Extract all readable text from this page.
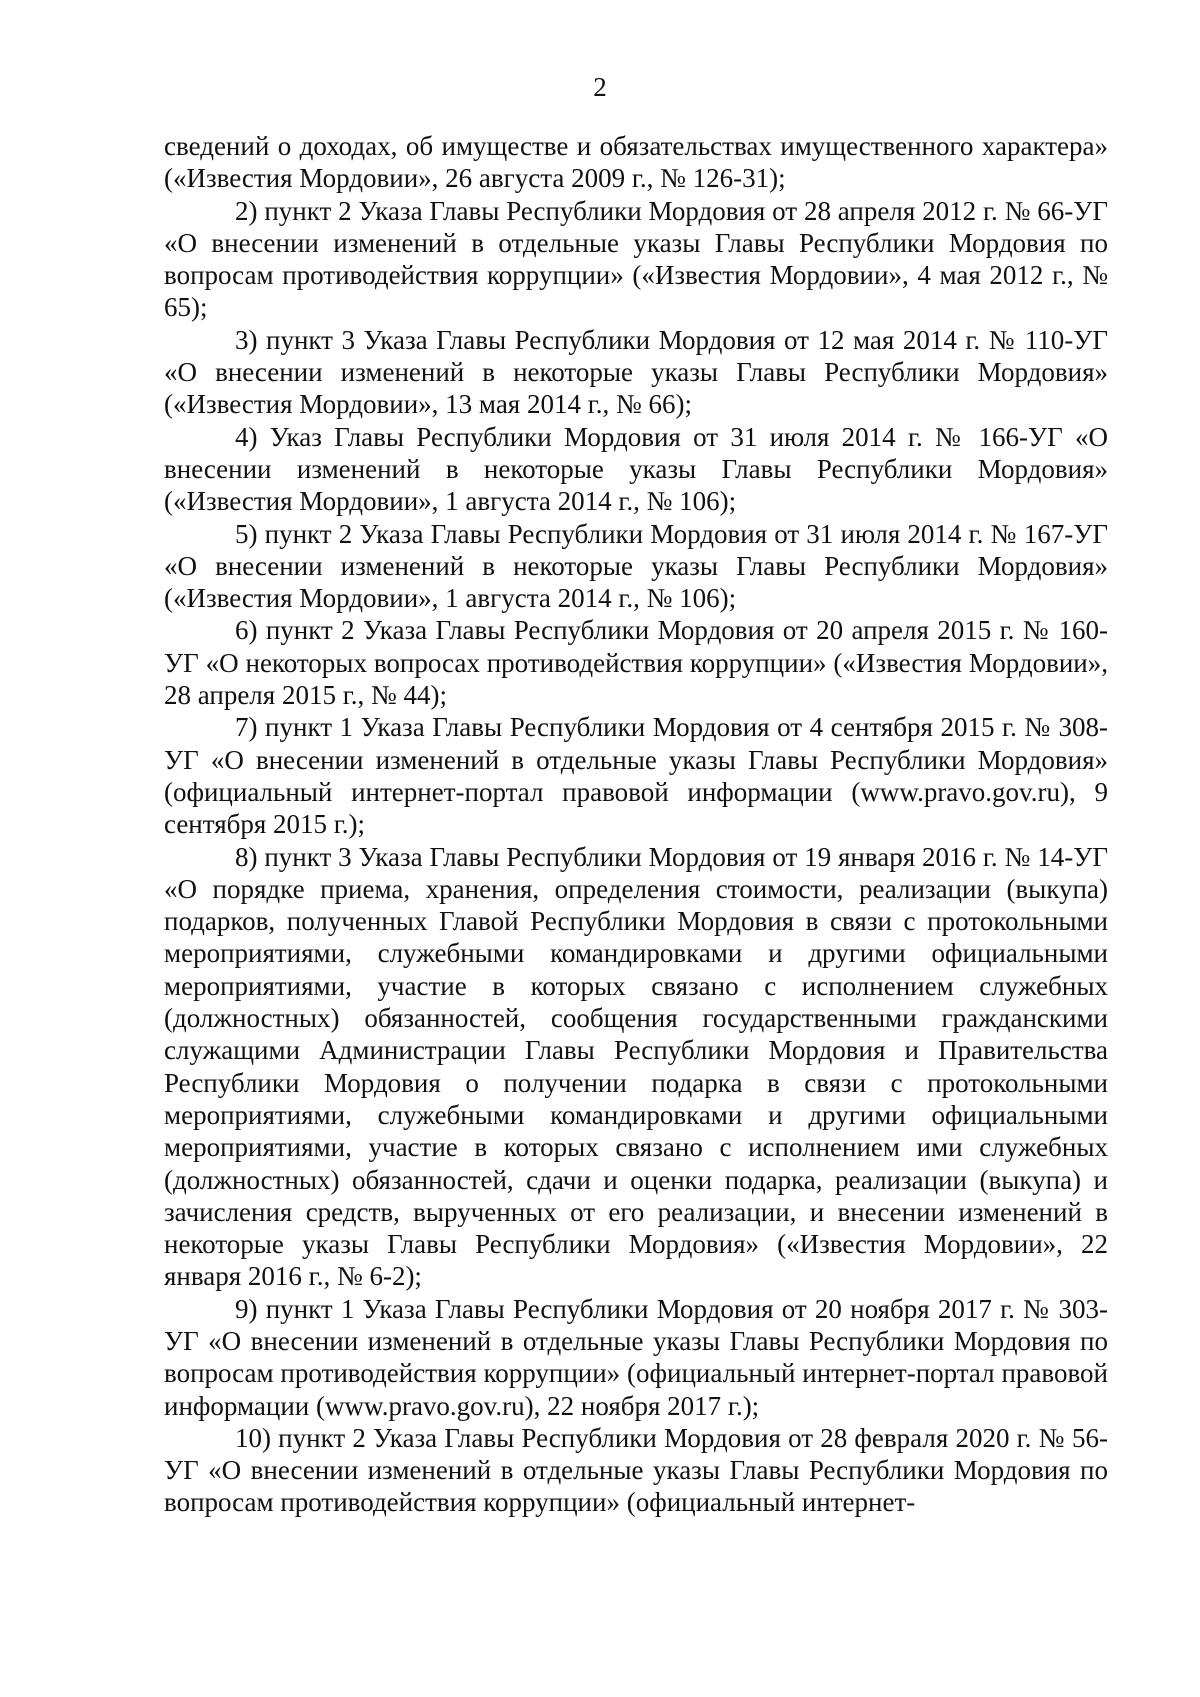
2

сведений о доходах, об имуществе и обязательствах имущественного характера» («Известия Мордовии», 26 августа 2009 г., № 126-31);

2) пункт 2 Указа Главы Республики Мордовия от 28 апреля 2012 г. № 66-УГ «О внесении изменений в отдельные указы Главы Республики Мордовия по вопросам противодействия коррупции» («Известия Мордовии», 4 мая 2012 г., № 65);

3) пункт 3 Указа Главы Республики Мордовия от 12 мая 2014 г. № 110-УГ «О внесении изменений в некоторые указы Главы Республики Мордовия» («Известия Мордовии», 13 мая 2014 г., № 66);

4) Указ Главы Республики Мордовия от 31 июля 2014 г. № 166-УГ «О внесении изменений в некоторые указы Главы Республики Мордовия» («Известия Мордовии», 1 августа 2014 г., № 106);

5) пункт 2 Указа Главы Республики Мордовия от 31 июля 2014 г. № 167-УГ «О внесении изменений в некоторые указы Главы Республики Мордовия» («Известия Мордовии», 1 августа 2014 г., № 106);

6) пункт 2 Указа Главы Республики Мордовия от 20 апреля 2015 г. № 160-УГ «О некоторых вопросах противодействия коррупции» («Известия Мордовии», 28 апреля 2015 г., № 44);

7) пункт 1 Указа Главы Республики Мордовия от 4 сентября 2015 г. № 308-УГ «О внесении изменений в отдельные указы Главы Республики Мордовия» (официальный интернет-портал правовой информации (www.pravo.gov.ru), 9 сентября 2015 г.);

8) пункт 3 Указа Главы Республики Мордовия от 19 января 2016 г. № 14-УГ «О порядке приема, хранения, определения стоимости, реализации (выкупа) подарков, полученных Главой Республики Мордовия в связи с протокольными мероприятиями, служебными командировками и другими официальными мероприятиями, участие в которых связано с исполнением служебных (должностных) обязанностей, сообщения государственными гражданскими служащими Администрации Главы Республики Мордовия и Правительства Республики Мордовия о получении подарка в связи с протокольными мероприятиями, служебными командировками и другими официальными мероприятиями, участие в которых связано с исполнением ими служебных (должностных) обязанностей, сдачи и оценки подарка, реализации (выкупа) и зачисления средств, вырученных от его реализации, и внесении изменений в некоторые указы Главы Республики Мордовия» («Известия Мордовии», 22 января 2016 г., № 6-2);

9) пункт 1 Указа Главы Республики Мордовия от 20 ноября 2017 г. № 303-УГ «О внесении изменений в отдельные указы Главы Республики Мордовия по вопросам противодействия коррупции» (официальный интернет-портал правовой информации (www.pravo.gov.ru), 22 ноября 2017 г.);

10) пункт 2 Указа Главы Республики Мордовия от 28 февраля 2020 г. № 56-УГ «О внесении изменений в отдельные указы Главы Республики Мордовия по вопросам противодействия коррупции» (официальный интернет-
